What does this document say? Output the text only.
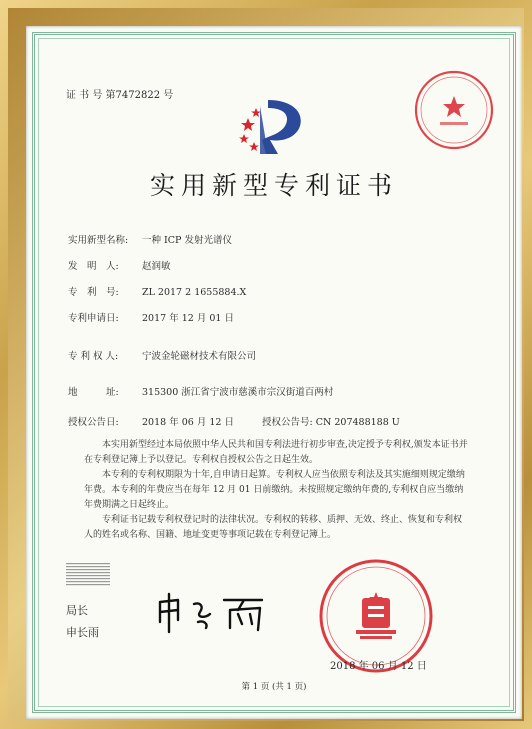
证 书 号 第7472822 号
实用新型专利证书
实用新型名称: 一种 ICP 发射光谱仪
发　明　人: 赵润敏
专　利　号: ZL 2017 2 1655884.X
专利申请日: 2017 年 12 月 01 日
专 利 权 人: 宁波金轮磁材技术有限公司
地　　　址: 315300 浙江省宁波市慈溪市宗汉街道百两村
授权公告日: 2018 年 06 月 12 日	授权公告号: CN 207488188 U

本实用新型经过本局依照中华人民共和国专利法进行初步审查,决定授予专利权,颁发本证书并在专利登记簿上予以登记。专利权自授权公告之日起生效。

本专利的专利权期限为十年,自申请日起算。专利权人应当依照专利法及其实施细则规定缴纳年费。本专利的年费应当在每年 12 月 01 日前缴纳。未按照规定缴纳年费的,专利权自应当缴纳年费期满之日起终止。

专利证书记载专利权登记时的法律状况。专利权的转移、质押、无效、终止、恢复和专利权人的姓名或名称、国籍、地址变更等事项记载在专利登记簿上。

局长
申长雨
2018 年 06 月 12 日
第 1 页 (共 1 页)
